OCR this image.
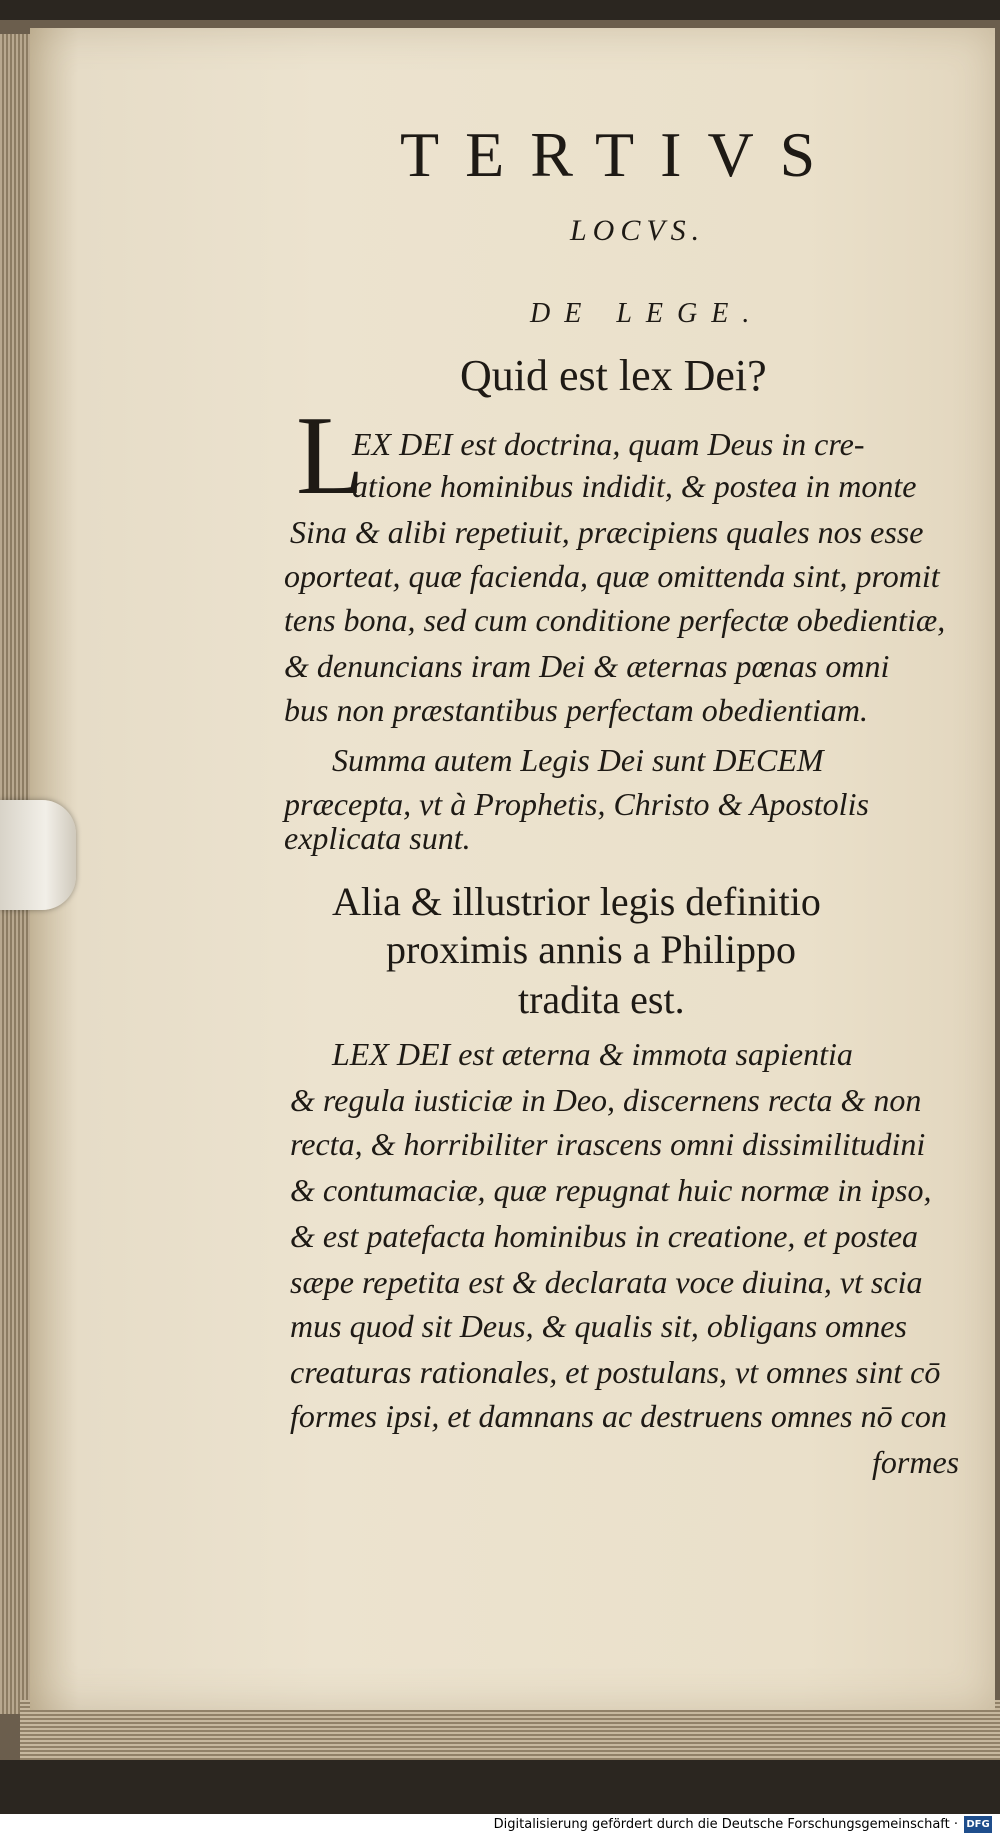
TERTIVS
LOCVS.
DE LEGE.
Quid est lex Dei?
L
EX DEI est doctrina, quam Deus in cre-
atione hominibus indidit, & postea in monte
Sina & alibi repetiuit, præcipiens quales nos esse
oporteat, quæ facienda, quæ omittenda sint, promit
tens bona, sed cum conditione perfectæ obedientiæ,
& denuncians iram Dei & æternas pœnas omni
bus non præstantibus perfectam obedientiam.
Summa autem Legis Dei sunt DECEM
præcepta, vt à Prophetis, Christo & Apostolis
explicata sunt.
Alia & illustrior legis definitio
proximis annis a Philippo
tradita est.
LEX DEI est æterna & immota sapientia
& regula iusticiæ in Deo, discernens recta & non
recta, & horribiliter irascens omni dissimilitudini
& contumaciæ, quæ repugnat huic normæ in ipso,
& est patefacta hominibus in creatione, et postea
sæpe repetita est & declarata voce diuina, vt scia
mus quod sit Deus, & qualis sit, obligans omnes
creaturas rationales, et postulans, vt omnes sint cō
formes ipsi, et damnans ac destruens omnes nō con
formes
Digitalisierung gefördert durch die Deutsche Forschungsgemeinschaft · DFG
